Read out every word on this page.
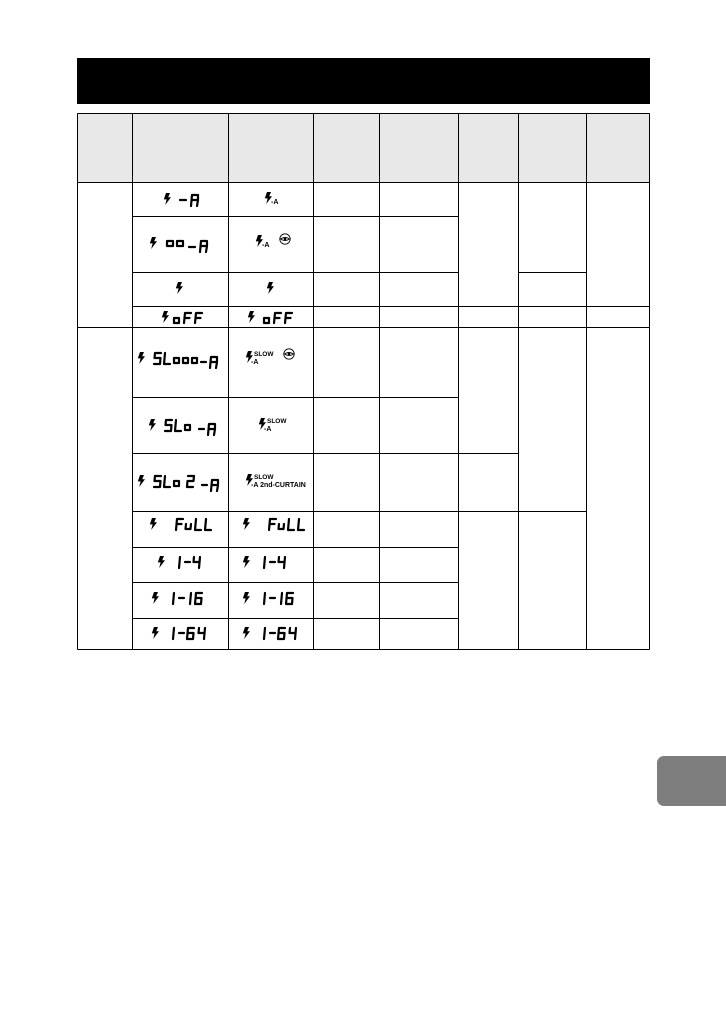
-A
-A
SLOW
-A
SLOW
-A
SLOW
-A 2nd-CURTAIN
